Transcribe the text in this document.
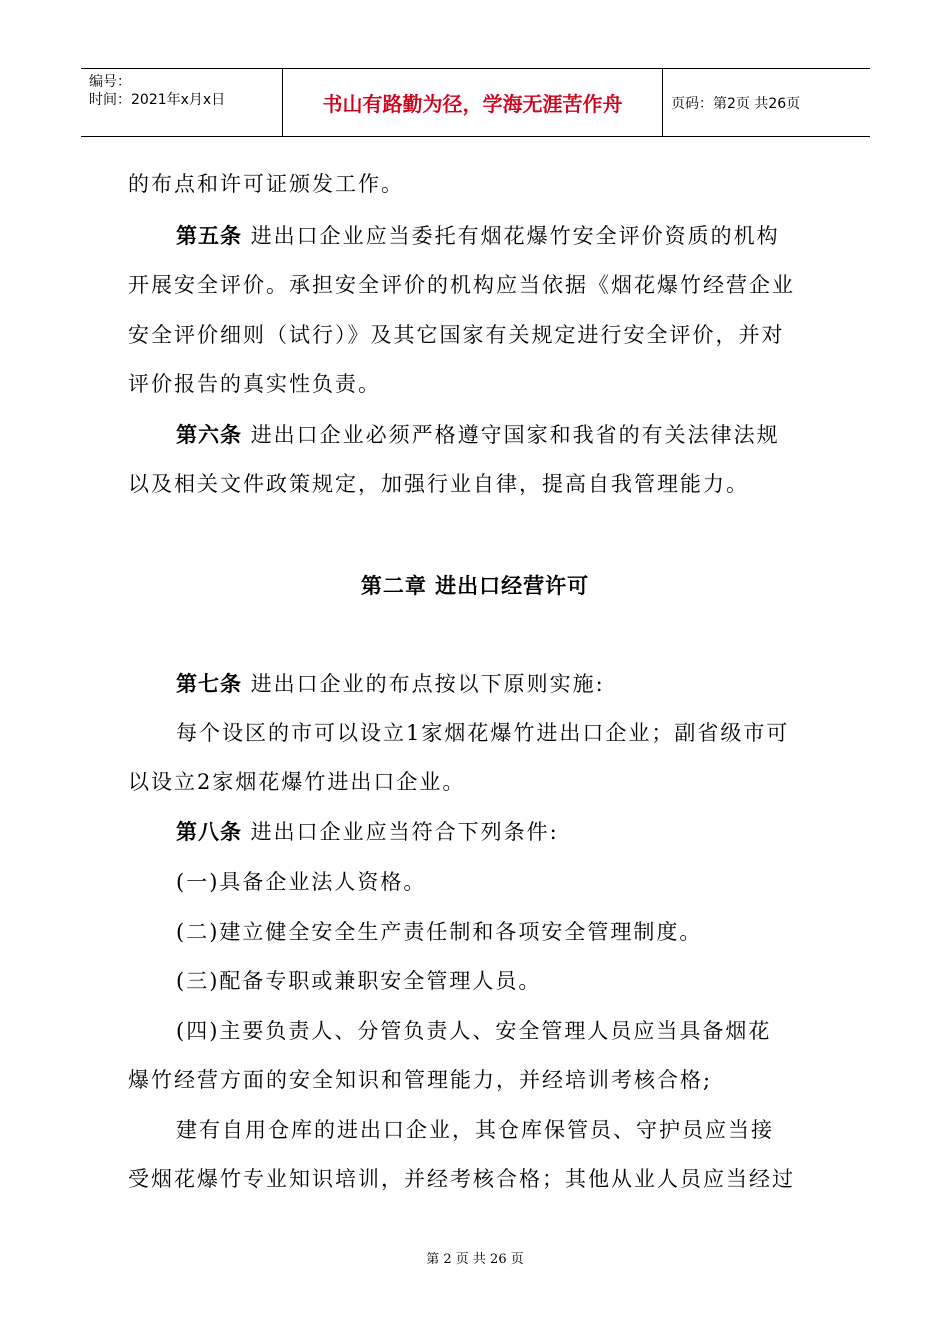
编号：
时间：2021年x月x日	书山有路勤为径，学海无涯苦作舟	页码：第2页 共26页
的布点和许可证颁发工作。
第五条 进出口企业应当委托有烟花爆竹安全评价资质的机构
开展安全评价。承担安全评价的机构应当依据《烟花爆竹经营企业
安全评价细则（试行）》及其它国家有关规定进行安全评价，并对
评价报告的真实性负责。
第六条 进出口企业必须严格遵守国家和我省的有关法律法规
以及相关文件政策规定，加强行业自律，提高自我管理能力。
第二章 进出口经营许可
第七条 进出口企业的布点按以下原则实施:
每个设区的市可以设立1家烟花爆竹进出口企业；副省级市可
以设立2家烟花爆竹进出口企业。
第八条 进出口企业应当符合下列条件:
(一)具备企业法人资格。
(二)建立健全安全生产责任制和各项安全管理制度。
(三)配备专职或兼职安全管理人员。
(四)主要负责人、分管负责人、安全管理人员应当具备烟花
爆竹经营方面的安全知识和管理能力，并经培训考核合格;
建有自用仓库的进出口企业，其仓库保管员、守护员应当接
受烟花爆竹专业知识培训，并经考核合格；其他从业人员应当经过
第 2 页 共 26 页
